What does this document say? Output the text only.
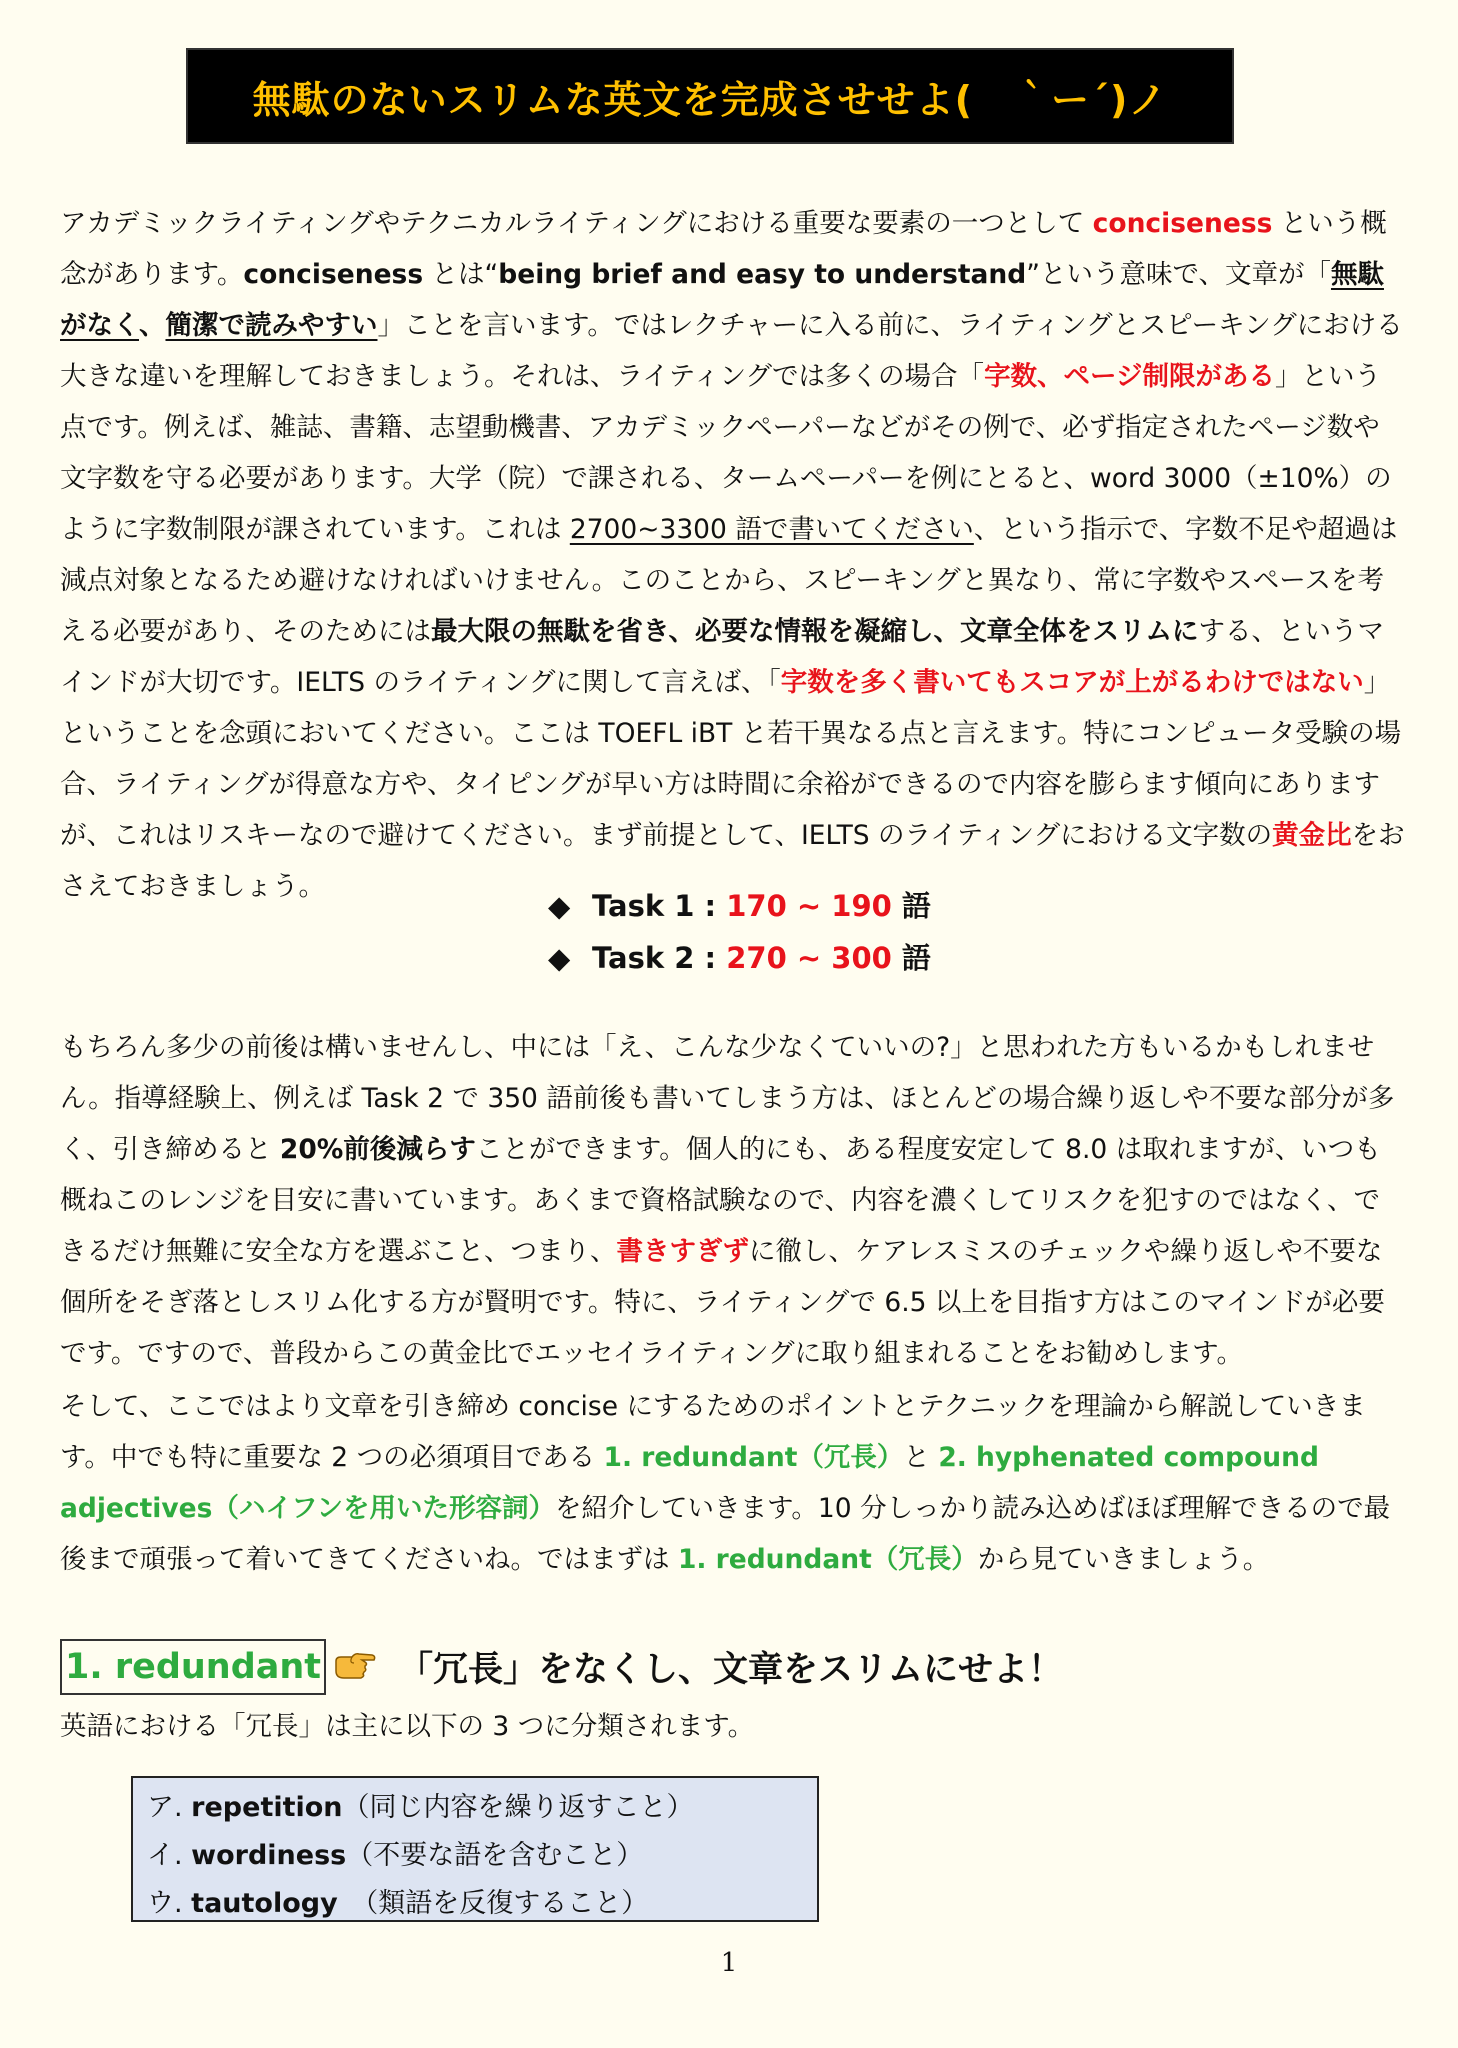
無駄のないスリムな英文を完成させせよ(　｀ー´)ノ

アカデミックライティングやテクニカルライティングにおける重要な要素の一つとして conciseness という概念があります。conciseness とは“being brief and easy to understand”という意味で、文章が「無駄がなく、簡潔で読みやすい」ことを言います。ではレクチャーに入る前に、ライティングとスピーキングにおける大きな違いを理解しておきましょう。それは、ライティングでは多くの場合「字数、ページ制限がある」という点です。例えば、雑誌、書籍、志望動機書、アカデミックペーパーなどがその例で、必ず指定されたページ数や文字数を守る必要があります。大学（院）で課される、タームペーパーを例にとると、word 3000（±10%）のように字数制限が課されています。これは 2700~3300 語で書いてください、という指示で、字数不足や超過は減点対象となるため避けなければいけません。このことから、スピーキングと異なり、常に字数やスペースを考える必要があり、そのためには最大限の無駄を省き、必要な情報を凝縮し、文章全体をスリムにする、というマインドが大切です。IELTS のライティングに関して言えば、「字数を多く書いてもスコアが上がるわけではない」ということを念頭においてください。ここは TOEFL iBT と若干異なる点と言えます。特にコンピュータ受験の場合、ライティングが得意な方や、タイピングが早い方は時間に余裕ができるので内容を膨らます傾向にありますが、これはリスキーなので避けてください。まず前提として、IELTS のライティングにおける文字数の黄金比をおさえておきましょう。

◆ Task 1 : 170 ~ 190 語
◆ Task 2 : 270 ~ 300 語

もちろん多少の前後は構いませんし、中には「え、こんな少なくていいの?」と思われた方もいるかもしれません。指導経験上、例えば Task 2 で 350 語前後も書いてしまう方は、ほとんどの場合繰り返しや不要な部分が多く、引き締めると 20%前後減らすことができます。個人的にも、ある程度安定して 8.0 は取れますが、いつも概ねこのレンジを目安に書いています。あくまで資格試験なので、内容を濃くしてリスクを犯すのではなく、できるだけ無難に安全な方を選ぶこと、つまり、書きすぎずに徹し、ケアレスミスのチェックや繰り返しや不要な個所をそぎ落としスリム化する方が賢明です。特に、ライティングで 6.5 以上を目指す方はこのマインドが必要です。ですので、普段からこの黄金比でエッセイライティングに取り組まれることをお勧めします。

そして、ここではより文章を引き締め concise にするためのポイントとテクニックを理論から解説していきます。中でも特に重要な 2 つの必須項目である 1. redundant（冗長）と 2. hyphenated compound adjectives（ハイフンを用いた形容詞）を紹介していきます。10 分しっかり読み込めばほぼ理解できるので最後まで頑張って着いてきてくださいね。ではまずは 1. redundant（冗長）から見ていきましょう。

1. redundant 「冗長」をなくし、文章をスリムにせよ！

英語における「冗長」は主に以下の 3 つに分類されます。

ア. repetition（同じ内容を繰り返すこと）
イ. wordiness（不要な語を含むこと）
ウ. tautology　（類語を反復すること）
1
